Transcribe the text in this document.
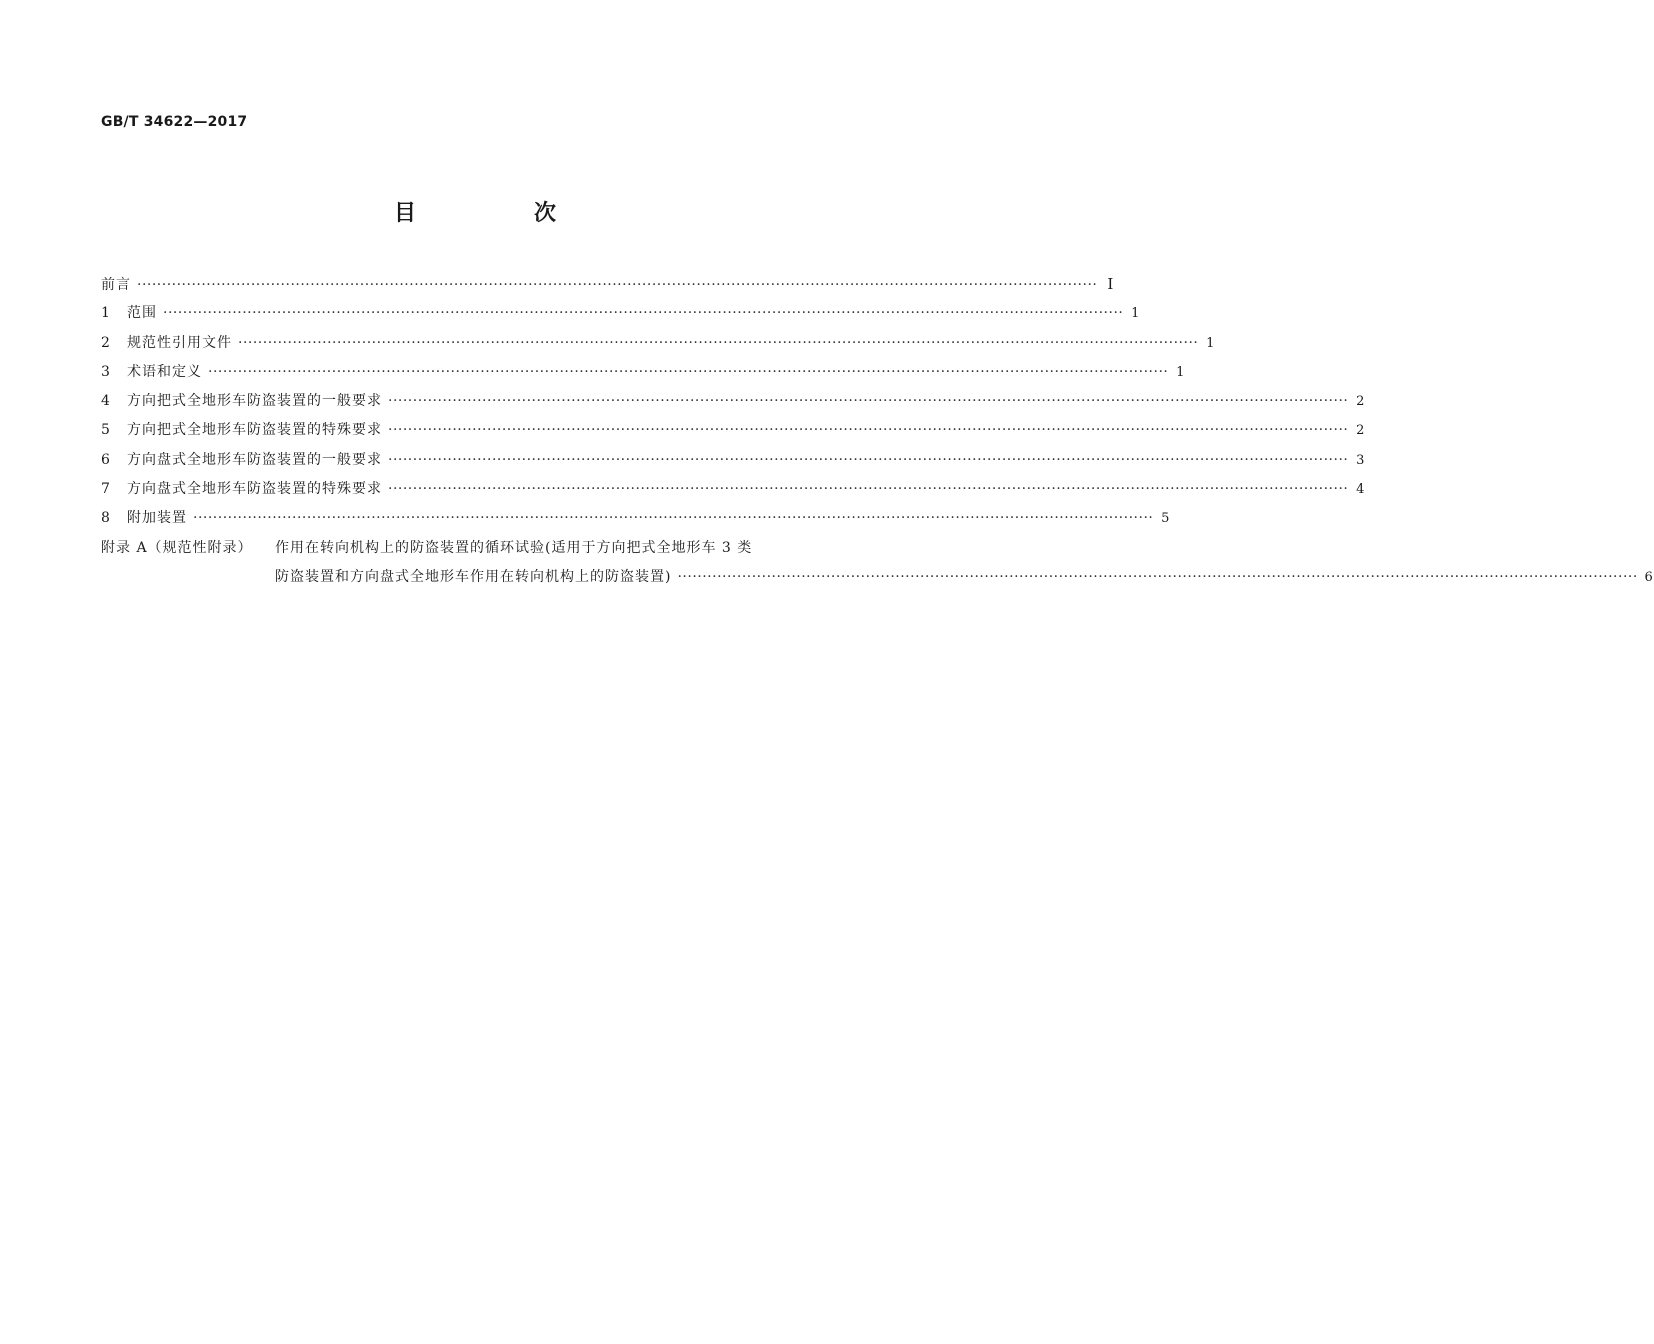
GB/T 34622—2017
目　次
前言 ·····	Ⅰ
1	范围 ·····	1
2	规范性引用文件 ·····	1
3	术语和定义 ·····	1
4	方向把式全地形车防盗装置的一般要求 ·····	2
5	方向把式全地形车防盗装置的特殊要求 ·····	2
6	方向盘式全地形车防盗装置的一般要求 ·····	3
7	方向盘式全地形车防盗装置的特殊要求 ·····	4
8	附加装置 ·····	5
附录 A（规范性附录）	作用在转向机构上的防盗装置的循环试验(适用于方向把式全地形车 3 类
防盗装置和方向盘式全地形车作用在转向机构上的防盗装置) ·····	6
